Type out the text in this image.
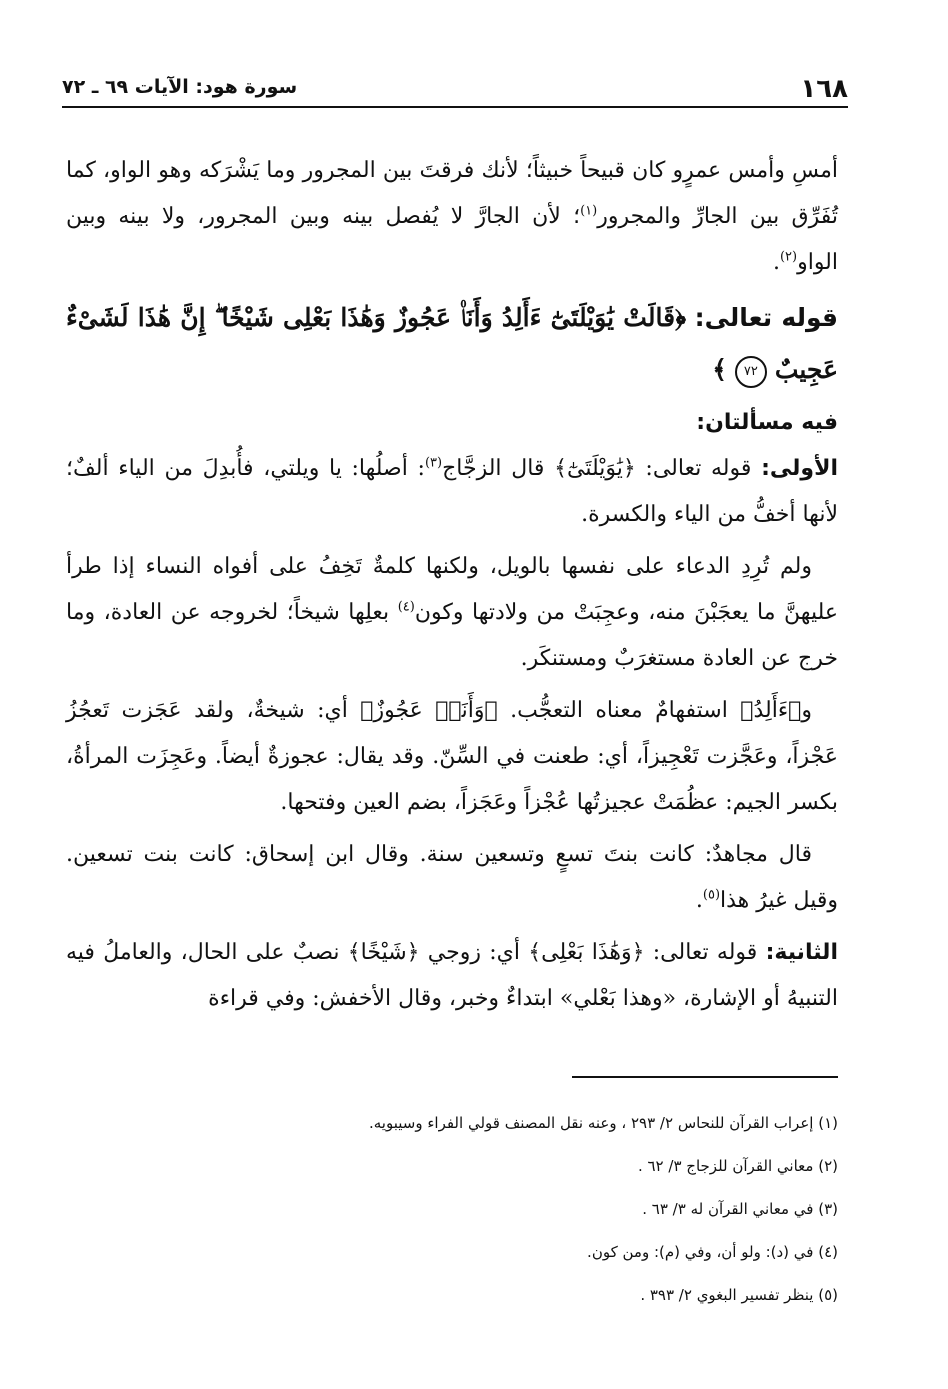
١٦٨
سورة هود: الآيات ٦٩ ـ ٧٢

أمسِ وأمس عمرٍو كان قبيحاً خبيثاً؛ لأنك فرقتَ بين المجرور وما يَشْرَكه وهو الواو، كما تُفَرِّق بين الجارِّ والمجرور$^{(١)}$؛ لأن الجارَّ لا يُفصل بينه وبين المجرور، ولا بينه وبين الواو$^{(٢)}$.

قوله تعالى: ﴿قَالَتْ يَٰوَيْلَتَىٰٓ ءَأَلِدُ وَأَنَا۠ عَجُوزٌ وَهَٰذَا بَعْلِى شَيْخًا ۖ إِنَّ هَٰذَا لَشَىْءٌ عَجِيبٌ ٧٢ ﴾

فيه مسألتان:

الأولى: قوله تعالى: ﴿يَٰوَيْلَتَىٰٓ﴾ قال الزجَّاج$^{(٣)}$: أصلُها: يا ويلتي، فأُبدِلَ من الياء ألفٌ؛ لأنها أخفُّ من الياء والكسرة.

ولم تُرِدِ الدعاء على نفسها بالويل، ولكنها كلمةٌ تَخِفُ على أفواه النساء إذا طرأ عليهنَّ ما يعجَبْنَ منه، وعجِبَتْ من ولادتها وكون$^{(٤)}$ بعلِها شيخاً؛ لخروجه عن العادة، وما خرج عن العادة مستغرَبٌ ومستنكَر.

و﴿ءَأَلِدُ﴾ استفهامٌ معناه التعجُّب. ﴿وَأَنَا۠ عَجُوزٌ﴾ أي: شيخةٌ، ولقد عَجَزت تَعجُزُ عَجْزاً، وعَجَّزت تَعْجِيزاً، أي: طعنت في السِّنّ. وقد يقال: عجوزةٌ أيضاً. وعَجِزَت المرأةُ، بكسر الجيم: عظُمَتْ عجيزتُها عُجْزاً وعَجَزاً، بضم العين وفتحها.

قال مجاهدٌ: كانت بنتَ تسعٍ وتسعين سنة. وقال ابن إسحاق: كانت بنت تسعين. وقيل غيرُ هذا$^{(٥)}$.

الثانية: قوله تعالى: ﴿وَهَٰذَا بَعْلِى﴾ أي: زوجي ﴿شَيْخًا﴾ نصبٌ على الحال، والعاملُ فيه التنبيهُ أو الإشارة، «وهذا بَعْلي» ابتداءٌ وخبر، وقال الأخفش: وفي قراءة

(١) إعراب القرآن للنحاس ٢/ ٢٩٣ ، وعنه نقل المصنف قولي الفراء وسيبويه.

(٢) معاني القرآن للزجاج ٣/ ٦٢ .

(٣) في معاني القرآن له ٣/ ٦٣ .

(٤) في (د): ولو أن، وفي (م): ومن كون.

(٥) ينظر تفسير البغوي ٢/ ٣٩٣ .
